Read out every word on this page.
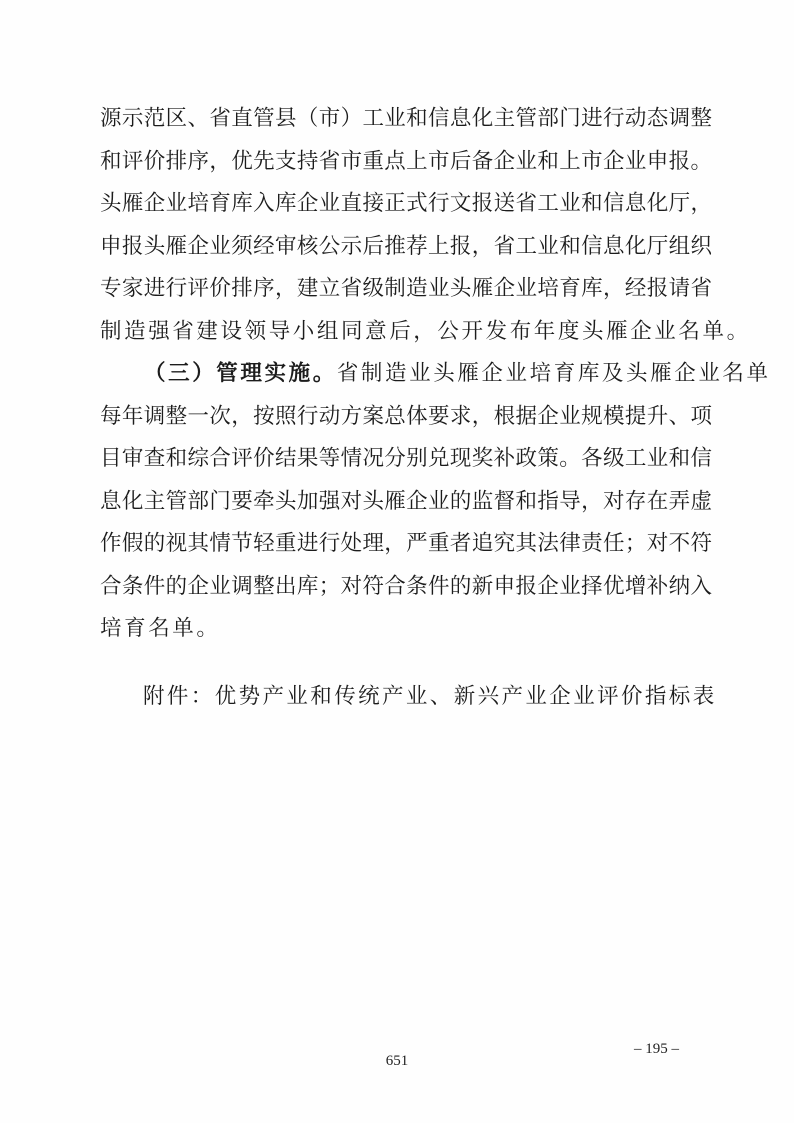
源示范区、省直管县（市）工业和信息化主管部门进行动态调整
和评价排序，优先支持省市重点上市后备企业和上市企业申报。
头雁企业培育库入库企业直接正式行文报送省工业和信息化厅，
申报头雁企业须经审核公示后推荐上报，省工业和信息化厅组织
专家进行评价排序，建立省级制造业头雁企业培育库，经报请省
制造强省建设领导小组同意后，公开发布年度头雁企业名单。
（三）管理实施。省制造业头雁企业培育库及头雁企业名单
每年调整一次，按照行动方案总体要求，根据企业规模提升、项
目审查和综合评价结果等情况分别兑现奖补政策。各级工业和信
息化主管部门要牵头加强对头雁企业的监督和指导，对存在弄虚
作假的视其情节轻重进行处理，严重者追究其法律责任；对不符
合条件的企业调整出库；对符合条件的新申报企业择优增补纳入
培育名单。
附件：优势产业和传统产业、新兴产业企业评价指标表
651
– 195 –
